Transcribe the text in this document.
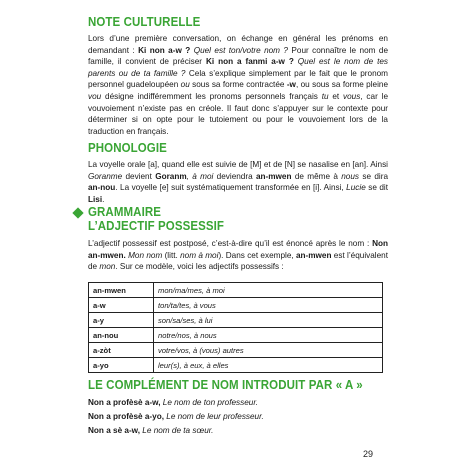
NOTE CULTURELLE

Lors d’une première conversation, on échange en général les prénoms en demandant : Ki non a-w ? Quel est ton/votre nom ? Pour connaître le nom de famille, il convient de préciser Ki non a fanmi a-w ? Quel est le nom de tes parents ou de ta famille ? Cela s’explique simplement par le fait que le pronom personnel guadeloupéen ou sous sa forme contractée -w, ou sous sa forme pleine vou désigne indifféremment les pronoms personnels français tu et vous, car le vouvoiement n’existe pas en créole. Il faut donc s’appuyer sur le contexte pour déterminer si on opte pour le tutoiement ou pour le vouvoiement lors de la traduction en français.

PHONOLOGIE

La voyelle orale [a], quand elle est suivie de [M] et de [N] se nasalise en [an]. Ainsi Goranme devient Goranm, à moi deviendra an-mwen de même à nous se dira an-nou. La voyelle [e] suit systématiquement transformée en [i]. Ainsi, Lucie se dit Lisi.

GRAMMAIRE
L’ADJECTIF POSSESSIF

L’adjectif possessif est postposé, c’est-à-dire qu’il est énoncé après le nom : Non an-mwen. Mon nom (litt. nom à moi). Dans cet exemple, an-mwen est l’équivalent de mon. Sur ce modèle, voici les adjectifs possessifs :

an-mwen	mon/ma/mes, à moi
a-w	ton/ta/tes, à vous
a-y	son/sa/ses, à lui
an-nou	notre/nos, à nous
a-zòt	votre/vos, à (vous) autres
a-yo	leur(s), à eux, à elles
LE COMPLÉMENT DE NOM INTRODUIT PAR « A »

Non a profèsè a-w, Le nom de ton professeur.

Non a profèsè a-yo, Le nom de leur professeur.

Non a sè a-w, Le nom de ta sœur.

29
